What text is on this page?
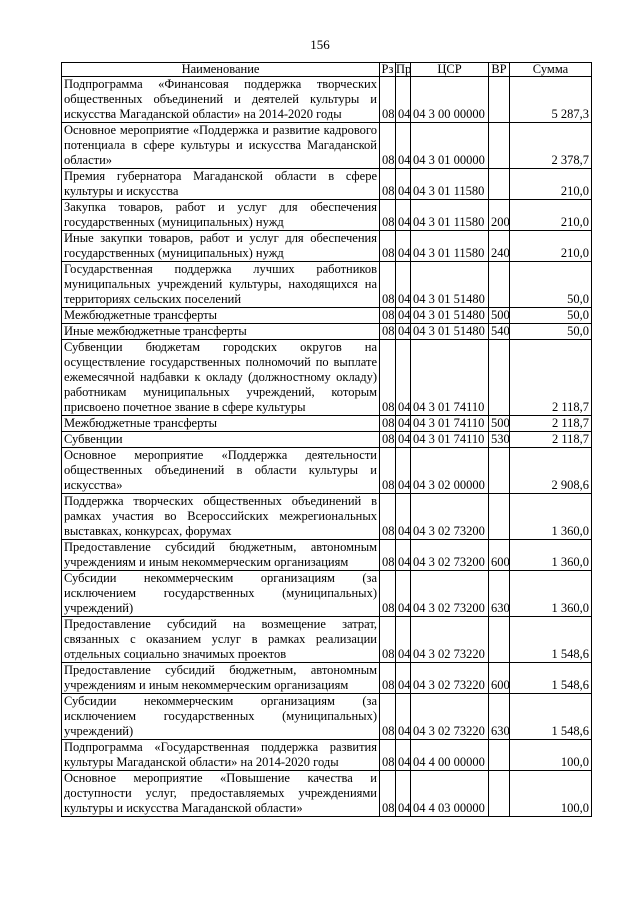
156
Наименование	Рз	Пр	ЦСР	ВР	Сумма
Подпрограмма «Финансовая поддержка творческих общественных объединений и деятелей культуры и искусства Магаданской области» на 2014-2020 годы	08	04	04 3 00 00000		5 287,3
Основное мероприятие «Поддержка и развитие кадрового потенциала в сфере культуры и искусства Магаданской области»	08	04	04 3 01 00000		2 378,7
Премия губернатора Магаданской области в сфере культуры и искусства	08	04	04 3 01 11580		210,0
Закупка товаров, работ и услуг для обеспечения государственных (муниципальных) нужд	08	04	04 3 01 11580	200	210,0
Иные закупки товаров, работ и услуг для обеспечения государственных (муниципальных) нужд	08	04	04 3 01 11580	240	210,0
Государственная поддержка лучших работников муниципальных учреждений культуры, находящихся на территориях сельских поселений	08	04	04 3 01 51480		50,0
Межбюджетные трансферты	08	04	04 3 01 51480	500	50,0
Иные межбюджетные трансферты	08	04	04 3 01 51480	540	50,0
Субвенции бюджетам городских округов на осуществление государственных полномочий по выплате ежемесячной надбавки к окладу (должностному окладу) работникам муниципальных учреждений, которым присвоено почетное звание в сфере культуры	08	04	04 3 01 74110		2 118,7
Межбюджетные трансферты	08	04	04 3 01 74110	500	2 118,7
Субвенции	08	04	04 3 01 74110	530	2 118,7
Основное мероприятие «Поддержка деятельности общественных объединений в области культуры и искусства»	08	04	04 3 02 00000		2 908,6
Поддержка творческих общественных объединений в рамках участия во Всероссийских межрегиональных выставках, конкурсах, форумах	08	04	04 3 02 73200		1 360,0
Предоставление субсидий бюджетным, автономным учреждениям и иным некоммерческим организациям	08	04	04 3 02 73200	600	1 360,0
Субсидии некоммерческим организациям (за исключением государственных (муниципальных) учреждений)	08	04	04 3 02 73200	630	1 360,0
Предоставление субсидий на возмещение затрат, связанных с оказанием услуг в рамках реализации отдельных социально значимых проектов	08	04	04 3 02 73220		1 548,6
Предоставление субсидий бюджетным, автономным учреждениям и иным некоммерческим организациям	08	04	04 3 02 73220	600	1 548,6
Субсидии некоммерческим организациям (за исключением государственных (муниципальных) учреждений)	08	04	04 3 02 73220	630	1 548,6
Подпрограмма «Государственная поддержка развития культуры Магаданской области» на 2014-2020 годы	08	04	04 4 00 00000		100,0
Основное мероприятие «Повышение качества и доступности услуг, предоставляемых учреждениями культуры и искусства Магаданской области»	08	04	04 4 03 00000		100,0
